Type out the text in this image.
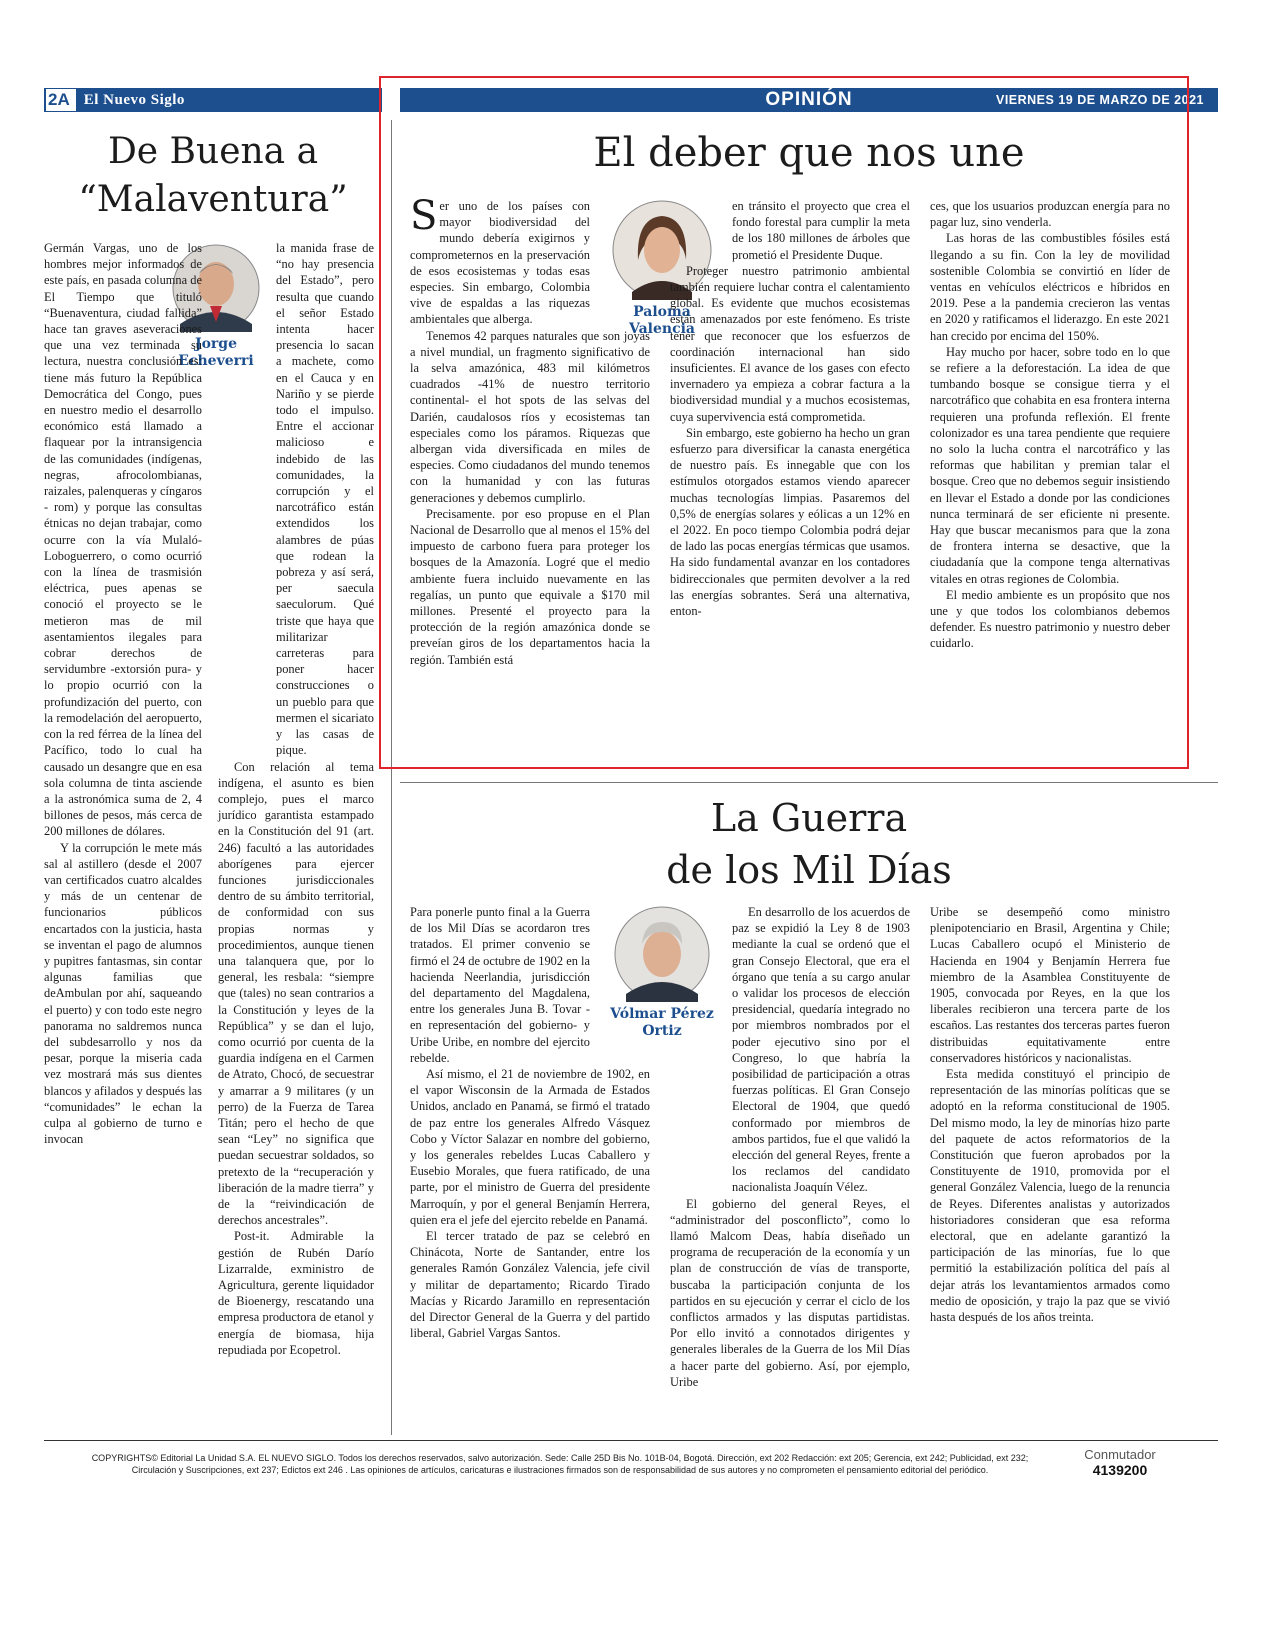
2A El Nuevo Siglo	OPINIÓN	VIERNES 19 DE MARZO DE 2021
De Buena a “Malaventura”
Jorge Echeverri

Germán Vargas, uno de los hombres mejor informados de este país, en pasada columna de El Tiempo que tituló “Buenaventura, ciudad fallida” hace tan graves aseveraciones que una vez terminada su lectura, nuestra conclusión es: tiene más futuro la República Democrática del Congo, pues en nuestro medio el desarrollo económico está llamado a flaquear por la intransigencia de las comunidades (indígenas, negras, afrocolombianas, raizales, palenqueras y cíngaros - rom) y porque las consultas étnicas no dejan trabajar, como ocurre con la vía Mulaló-Loboguerrero, o como ocurrió con la línea de trasmisión eléctrica, pues apenas se conoció el proyecto se le metieron mas de mil asentamientos ilegales para cobrar derechos de servidumbre -extorsión pura- y lo propio ocurrió con la profundización del puerto, con la remodelación del aeropuerto, con la red férrea de la línea del Pacífico, todo lo cual ha causado un desangre que en esa sola columna de tinta asciende a la astronómica suma de 2, 4 billones de pesos, más cerca de 200 millones de dólares.

Y la corrupción le mete más sal al astillero (desde el 2007 van certificados cuatro alcaldes y más de un centenar de funcionarios públicos encartados con la justicia, hasta se inventan el pago de alumnos y pupitres fantasmas, sin contar algunas familias que deAmbulan por ahí, saqueando el puerto) y con todo este negro panorama no saldremos nunca del subdesarrollo y nos da pesar, porque la miseria cada vez mostrará más sus dientes blancos y afilados y después las “comunidades” le echan la culpa al gobierno de turno e invocan

la manida frase de “no hay presencia del Estado”, pero resulta que cuando el señor Estado intenta hacer presencia lo sacan a machete, como en el Cauca y en Nariño y se pierde todo el impulso. Entre el accionar malicioso e indebido de las comunidades, la corrupción y el narcotráfico están extendidos los alambres de púas que rodean la pobreza y así será, per saecula saeculorum. Qué triste que haya que militarizar carreteras para poner hacer construcciones o un pueblo para que mermen el sicariato y las casas de pique.

Con relación al tema indígena, el asunto es bien complejo, pues el marco jurídico garantista estampado en la Constitución del 91 (art. 246) facultó a las autoridades aborígenes para ejercer funciones jurisdiccionales dentro de su ámbito territorial, de conformidad con sus propias normas y procedimientos, aunque tienen una talanquera que, por lo general, les resbala: “siempre que (tales) no sean contrarios a la Constitución y leyes de la República” y se dan el lujo, como ocurrió por cuenta de la guardia indígena en el Carmen de Atrato, Chocó, de secuestrar y amarrar a 9 militares (y un perro) de la Fuerza de Tarea Titán; pero el hecho de que sean “Ley” no significa que puedan secuestrar soldados, so pretexto de la “recuperación y liberación de la madre tierra” y de la “reivindicación de derechos ancestrales”.

Post-it. Admirable la gestión de Rubén Darío Lizarralde, exministro de Agricultura, gerente liquidador de Bioenergy, rescatando una empresa productora de etanol y energía de biomasa, hija repudiada por Ecopetrol.

El deber que nos une
Paloma Valencia

Ser uno de los países con mayor biodiversidad del mundo debería exigirnos y comprometernos en la preservación de esos ecosistemas y todas esas especies. Sin embargo, Colombia vive de espaldas a las riquezas ambientales que alberga.

Tenemos 42 parques naturales que son joyas a nivel mundial, un fragmento significativo de la selva amazónica, 483 mil kilómetros cuadrados -41% de nuestro territorio continental- el hot spots de las selvas del Darién, caudalosos ríos y ecosistemas tan especiales como los páramos. Riquezas que albergan vida diversificada en miles de especies. Como ciudadanos del mundo tenemos con la humanidad y con las futuras generaciones y debemos cumplirlo.

Precisamente. por eso propuse en el Plan Nacional de Desarrollo que al menos el 15% del impuesto de carbono fuera para proteger los bosques de la Amazonía. Logré que el medio ambiente fuera incluido nuevamente en las regalías, un punto que equivale a $170 mil millones. Presenté el proyecto para la protección de la región amazónica donde se preveían giros de los departamentos hacia la región. También está

en tránsito el proyecto que crea el fondo forestal para cumplir la meta de los 180 millones de árboles que prometió el Presidente Duque.

Proteger nuestro patrimonio ambiental también requiere luchar contra el calentamiento global. Es evidente que muchos ecosistemas están amenazados por este fenómeno. Es triste tener que reconocer que los esfuerzos de coordinación internacional han sido insuficientes. El avance de los gases con efecto invernadero ya empieza a cobrar factura a la biodiversidad mundial y a muchos ecosistemas, cuya supervivencia está comprometida.

Sin embargo, este gobierno ha hecho un gran esfuerzo para diversificar la canasta energética de nuestro país. Es innegable que con los estímulos otorgados estamos viendo aparecer muchas tecnologías limpias. Pasaremos del 0,5% de energías solares y eólicas a un 12% en el 2022. En poco tiempo Colombia podrá dejar de lado las pocas energías térmicas que usamos. Ha sido fundamental avanzar en los contadores bidireccionales que permiten devolver a la red las energías sobrantes. Será una alternativa, enton-

ces, que los usuarios produzcan energía para no pagar luz, sino venderla.

Las horas de las combustibles fósiles está llegando a su fin. Con la ley de movilidad sostenible Colombia se convirtió en líder de ventas en vehículos eléctricos e híbridos en 2019. Pese a la pandemia crecieron las ventas en 2020 y ratificamos el liderazgo. En este 2021 han crecido por encima del 150%.

Hay mucho por hacer, sobre todo en lo que se refiere a la deforestación. La idea de que tumbando bosque se consigue tierra y el narcotráfico que cohabita en esa frontera interna requieren una profunda reflexión. El frente colonizador es una tarea pendiente que requiere no solo la lucha contra el narcotráfico y las reformas que habilitan y premian talar el bosque. Creo que no debemos seguir insistiendo en llevar el Estado a donde por las condiciones nunca terminará de ser eficiente ni presente. Hay que buscar mecanismos para que la zona de frontera interna se desactive, que la ciudadanía que la compone tenga alternativas vitales en otras regiones de Colombia.

El medio ambiente es un propósito que nos une y que todos los colombianos debemos defender. Es nuestro patrimonio y nuestro deber cuidarlo.

La Guerra
de los Mil Días
Vólmar Pérez Ortiz

Para ponerle punto final a la Guerra de los Mil Días se acordaron tres tratados. El primer convenio se firmó el 24 de octubre de 1902 en la hacienda Neerlandia, jurisdicción del departamento del Magdalena, entre los generales Juna B. Tovar - en representación del gobierno- y Uribe Uribe, en nombre del ejercito rebelde.

Así mismo, el 21 de noviembre de 1902, en el vapor Wisconsin de la Armada de Estados Unidos, anclado en Panamá, se firmó el tratado de paz entre los generales Alfredo Vásquez Cobo y Víctor Salazar en nombre del gobierno, y los generales rebeldes Lucas Caballero y Eusebio Morales, que fuera ratificado, de una parte, por el ministro de Guerra del presidente Marroquín, y por el general Benjamín Herrera, quien era el jefe del ejercito rebelde en Panamá.

El tercer tratado de paz se celebró en Chinácota, Norte de Santander, entre los generales Ramón González Valencia, jefe civil y militar de departamento; Ricardo Tirado Macías y Ricardo Jaramillo en representación del Director General de la Guerra y del partido liberal, Gabriel Vargas Santos.

En desarrollo de los acuerdos de paz se expidió la Ley 8 de 1903 mediante la cual se ordenó que el gran Consejo Electoral, que era el órgano que tenía a su cargo anular o validar los procesos de elección presidencial, quedaría integrado no por miembros nombrados por el poder ejecutivo sino por el Congreso, lo que habría la posibilidad de participación a otras fuerzas políticas. El Gran Consejo Electoral de 1904, que quedó conformado por miembros de ambos partidos, fue el que validó la elección del general Reyes, frente a los reclamos del candidato nacionalista Joaquín Vélez.

El gobierno del general Reyes, el “administrador del posconflicto”, como lo llamó Malcom Deas, había diseñado un programa de recuperación de la economía y un plan de construcción de vías de transporte, buscaba la participación conjunta de los partidos en su ejecución y cerrar el ciclo de los conflictos armados y las disputas partidistas. Por ello invitó a connotados dirigentes y generales liberales de la Guerra de los Mil Días a hacer parte del gobierno. Así, por ejemplo, Uribe

Uribe se desempeñó como ministro plenipotenciario en Brasil, Argentina y Chile; Lucas Caballero ocupó el Ministerio de Hacienda en 1904 y Benjamín Herrera fue miembro de la Asamblea Constituyente de 1905, convocada por Reyes, en la que los liberales recibieron una tercera parte de los escaños. Las restantes dos terceras partes fueron distribuidas equitativamente entre conservadores históricos y nacionalistas.

Esta medida constituyó el principio de representación de las minorías políticas que se adoptó en la reforma constitucional de 1905. Del mismo modo, la ley de minorías hizo parte del paquete de actos reformatorios de la Constitución que fueron aprobados por la Constituyente de 1910, promovida por el general González Valencia, luego de la renuncia de Reyes. Diferentes analistas y autorizados historiadores consideran que esa reforma electoral, que en adelante garantizó la participación de las minorías, fue lo que permitió la estabilización política del país al dejar atrás los levantamientos armados como medio de oposición, y trajo la paz que se vivió hasta después de los años treinta.

COPYRIGHTS© Editorial La Unidad S.A. EL NUEVO SIGLO. Todos los derechos reservados, salvo autorización. Sede: Calle 25D Bis No. 101B-04, Bogotá. Dirección, ext 202 Redacción: ext 205; Gerencia, ext 242; Publicidad, ext 232;
Circulación y Suscripciones, ext 237; Edictos ext 246 . Las opiniones de artículos, caricaturas e ilustraciones firmados son de responsabilidad de sus autores y no comprometen el pensamiento editorial del periódico.
Conmutador
4139200
